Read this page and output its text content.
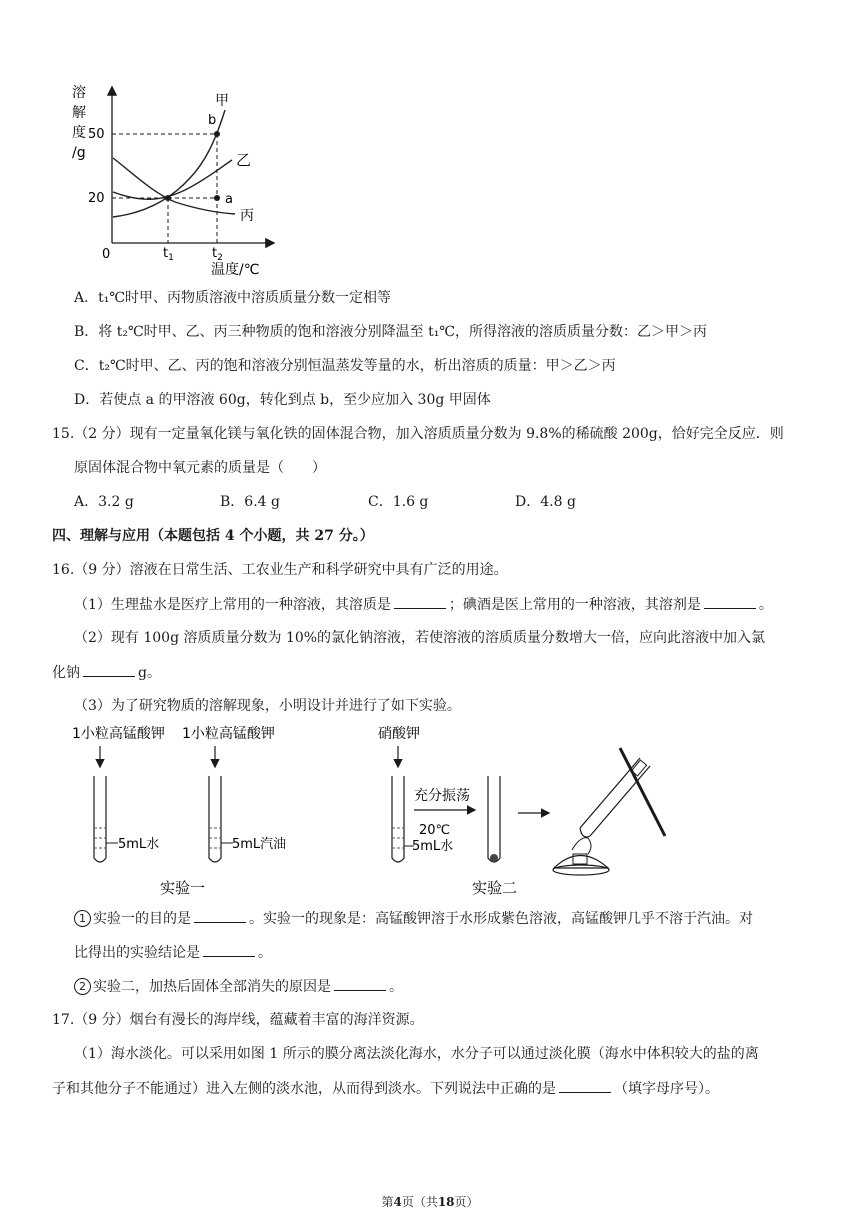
溶
解
度
/g
50
20
0	$t_1$	$t_2$
温度/℃
b
a
甲
乙
丙
A．t₁℃时甲、丙物质溶液中溶质质量分数一定相等
B．将 t₂℃时甲、乙、丙三种物质的饱和溶液分别降温至 t₁℃，所得溶液的溶质质量分数：乙＞甲＞丙
C．t₂℃时甲、乙、丙的饱和溶液分别恒温蒸发等量的水，析出溶质的质量：甲＞乙＞丙
D．若使点 a 的甲溶液 60g，转化到点 b，至少应加入 30g 甲固体
15.（2 分）现有一定量氧化镁与氧化铁的固体混合物，加入溶质质量分数为 9.8%的稀硫酸 200g，恰好完全反应．则
原固体混合物中氧元素的质量是（　　）
A．3.2 g	B．6.4 g	C．1.6 g	D．4.8 g
四、理解与应用（本题包括 4 个小题，共 27 分。）
16.（9 分）溶液在日常生活、工农业生产和科学研究中具有广泛的用途。
（1）生理盐水是医疗上常用的一种溶液，其溶质是	；碘酒是医上常用的一种溶液，其溶剂是	。
（2）现有 100g 溶质质量分数为 10%的氯化钠溶液，若使溶液的溶质质量分数增大一倍，应向此溶液中加入氯
化钠	g。
（3）为了研究物质的溶解现象，小明设计并进行了如下实验。
1小粒高锰酸钾
5mL水
1小粒高锰酸钾
5mL汽油
实验一
硝酸钾
5mL水
20℃
充分振荡
实验二
1 实验一的目的是	。实验一的现象是：高锰酸钾溶于水形成紫色溶液，高锰酸钾几乎不溶于汽油。对
比得出的实验结论是	。
2 实验二，加热后固体全部消失的原因是	。
17.（9 分）烟台有漫长的海岸线，蕴藏着丰富的海洋资源。
（1）海水淡化。可以采用如图 1 所示的膜分离法淡化海水，水分子可以通过淡化膜（海水中体积较大的盐的离
子和其他分子不能通过）进入左侧的淡水池，从而得到淡水。下列说法中正确的是	（填字母序号）。
第4页（共18页）
